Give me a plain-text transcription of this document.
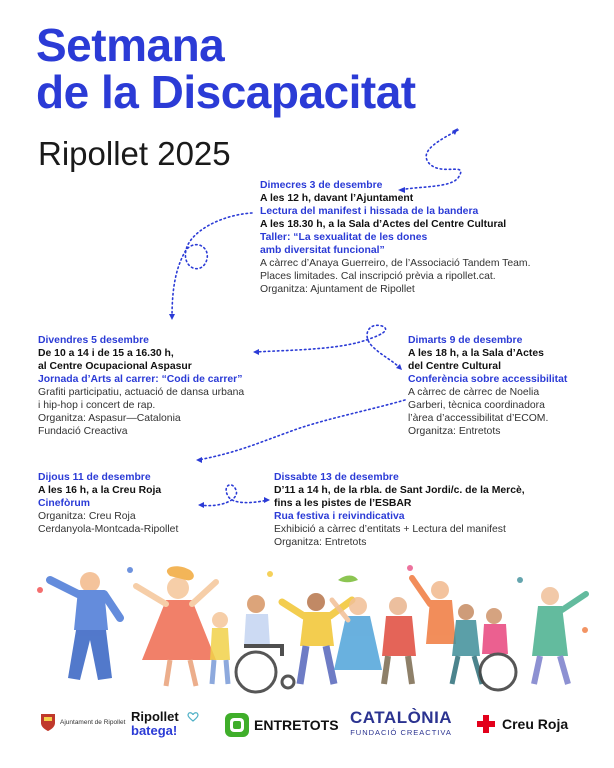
Setmana
de la Discapacitat

Ripollet 2025

Dimecres 3 de desembre
A les 12 h, davant l’Ajuntament
Lectura del manifest i hissada de la bandera
A les 18.30 h, a la Sala d’Actes del Centre Cultural
Taller: “La sexualitat de les dones
amb diversitat funcional”
A càrrec d’Anaya Guerreiro, de l’Associació Tandem Team.
Places limitades. Cal inscripció prèvia a ripollet.cat.
Organitza: Ajuntament de Ripollet
Divendres 5 desembre
De 10 a 14 i de 15 a 16.30 h,
al Centre Ocupacional Aspasur
Jornada d’Arts al carrer: “Codi de carrer”
Grafiti participatiu, actuació de dansa urbana
i hip-hop i concert de rap.
Organitza: Aspasur—Catalonia
Fundació Creactiva
Dimarts 9 de desembre
A les 18 h, a la Sala d’Actes
del Centre Cultural
Conferència sobre accessibilitat
A càrrec de càrrec de Noelia
Garberi, tècnica coordinadora
l’àrea d’accessibilitat d’ECOM.
Organitza: Entretots
Dijous 11 de desembre
A les 16 h, a la Creu Roja
Cinefòrum
Organitza: Creu Roja
Cerdanyola-Montcada-Ripollet
Dissabte 13 de desembre
D’11 a 14 h, de la rbla. de Sant Jordi/c. de la Mercè,
fins a les pistes de l’ESBAR
Rua festiva i reivindicativa
Exhibició a càrrec d’entitats + Lectura del manifest
Organitza: Entretots
Ajuntament de Ripollet Ripollet
batega!	ENTRETOTS CATALÒNIA
FUNDACIÓ CREACTIVA
Creu Roja
